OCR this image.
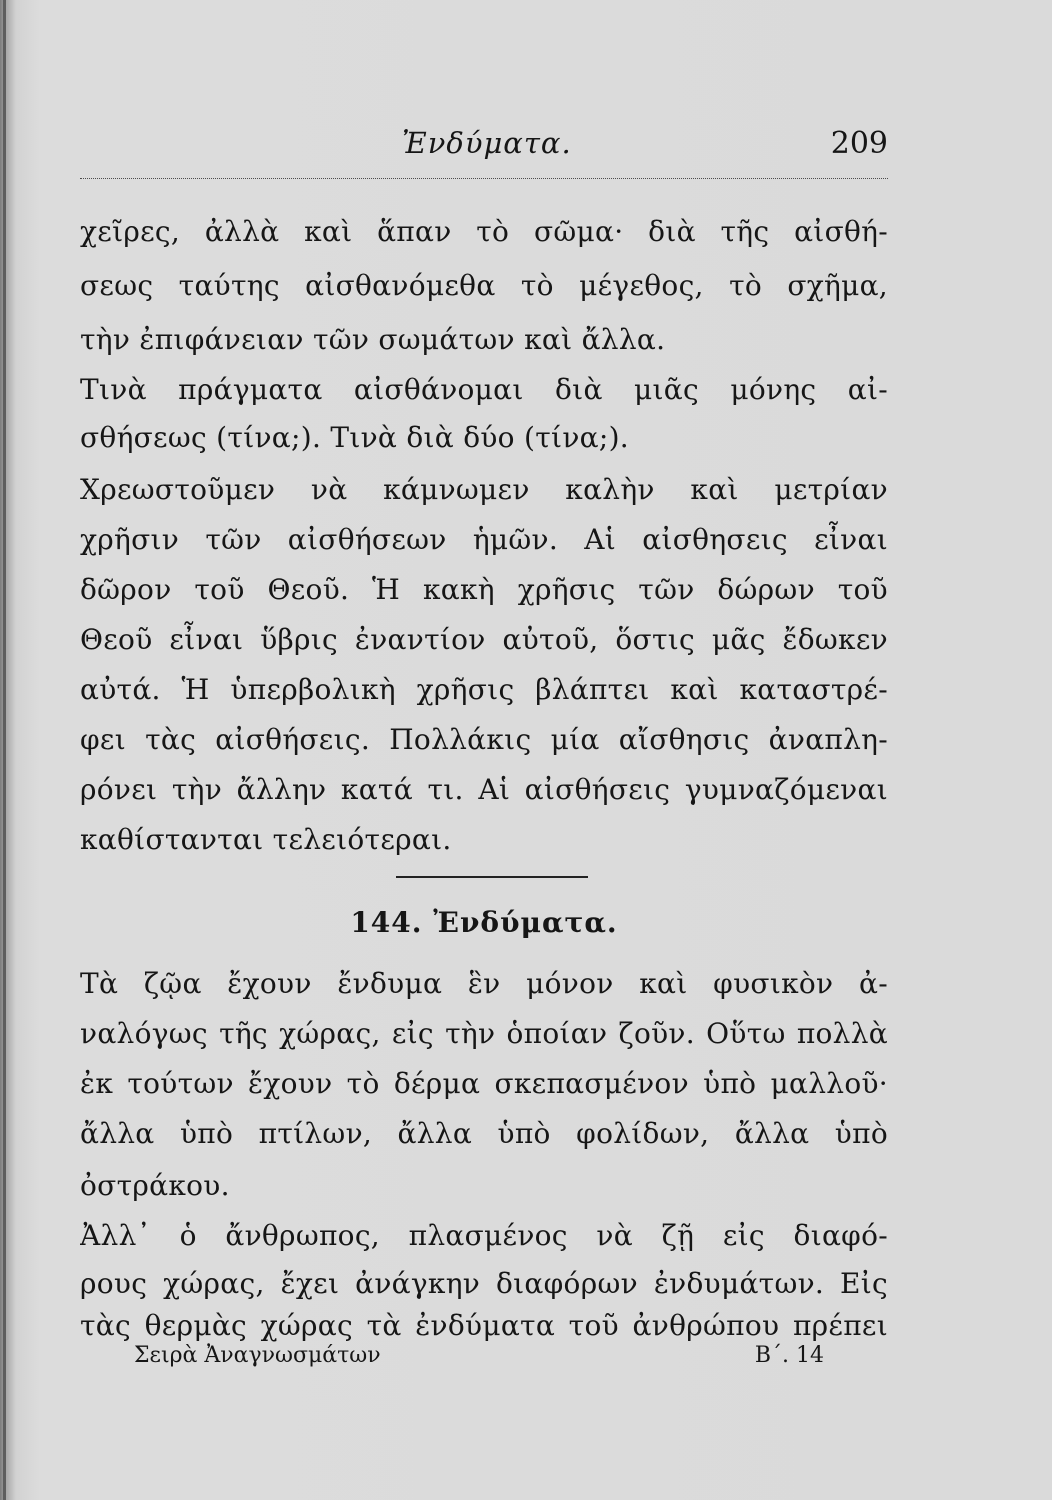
Ἐνδύματα.	209
χεῖρες, ἀλλὰ καὶ ἅπαν τὸ σῶμα· διὰ τῆς αἰσθή-
σεως ταύτης αἰσθανόμεθα τὸ μέγεθος, τὸ σχῆμα,
τὴν ἐπιφάνειαν τῶν σωμάτων καὶ ἄλλα.
Τινὰ πράγματα αἰσθάνομαι διὰ μιᾶς μόνης αἰ-
σθήσεως (τίνα;). Τινὰ διὰ δύο (τίνα;).
Χρεωστοῦμεν νὰ κάμνωμεν καλὴν καὶ μετρίαν
χρῆσιν τῶν αἰσθήσεων ἡμῶν. Αἱ αἰσθησεις εἶναι
δῶρον τοῦ Θεοῦ. Ἡ κακὴ χρῆσις τῶν δώρων τοῦ
Θεοῦ εἶναι ὕβρις ἐναντίον αὐτοῦ, ὅστις μᾶς ἔδωκεν
αὐτά. Ἡ ὑπερβολικὴ χρῆσις βλάπτει καὶ καταστρέ-
φει τὰς αἰσθήσεις. Πολλάκις μία αἴσθησις ἀναπλη-
ρόνει τὴν ἄλλην κατά τι. Αἱ αἰσθήσεις γυμναζόμεναι
καθίστανται τελειότεραι.
144. Ἐνδύματα.
Τὰ ζῷα ἔχουν ἔνδυμα ἓν μόνον καὶ φυσικὸν ἀ-
ναλόγως τῆς χώρας, εἰς τὴν ὁποίαν ζοῦν. Οὕτω πολλὰ
ἐκ τούτων ἔχουν τὸ δέρμα σκεπασμένον ὑπὸ μαλλοῦ·
ἄλλα ὑπὸ πτίλων, ἄλλα ὑπὸ φολίδων, ἄλλα ὑπὸ
ὀστράκου.
Ἀλλ᾽ ὁ ἄνθρωπος, πλασμένος νὰ ζῇ εἰς διαφό-
ρους χώρας, ἔχει ἀνάγκην διαφόρων ἐνδυμάτων. Εἰς
τὰς θερμὰς χώρας τὰ ἐνδύματα τοῦ ἀνθρώπου πρέπει
Σειρὰ Ἀναγνωσμάτων	Β΄. 14
